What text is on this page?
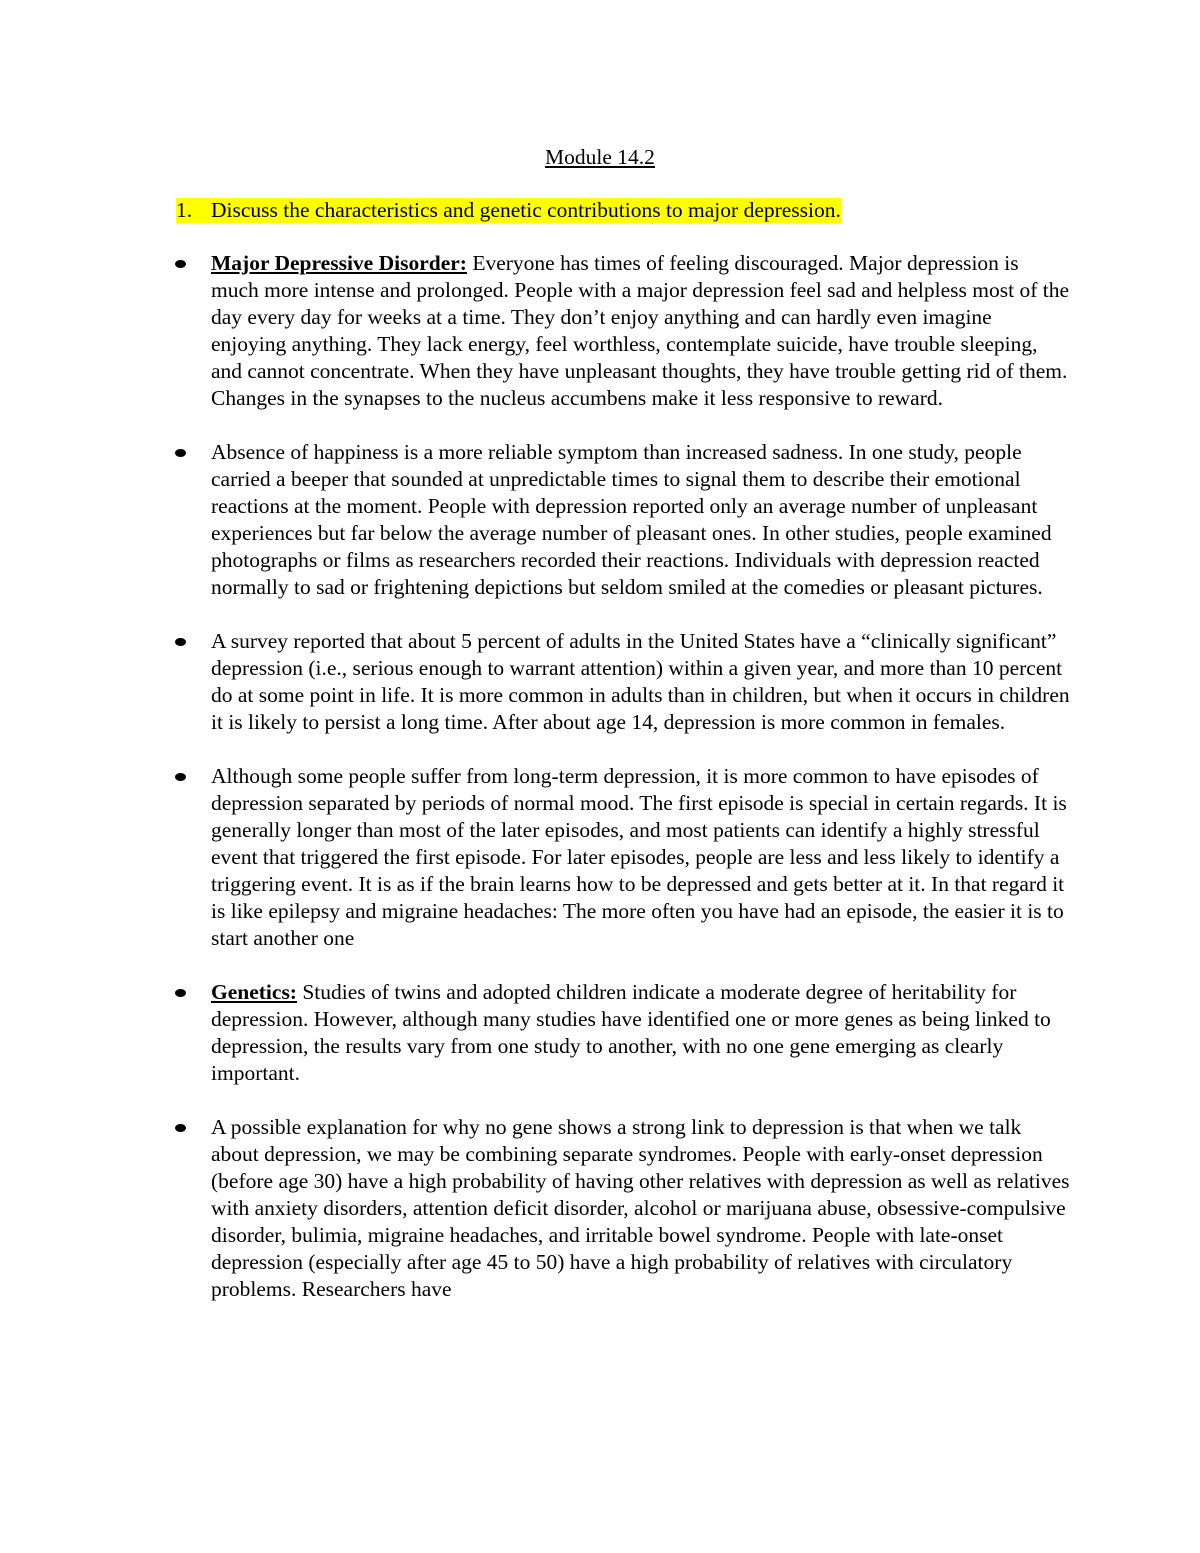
Module 14.2
1. Discuss the characteristics and genetic contributions to major depression.
Major Depressive Disorder: Everyone has times of feeling discouraged. Major depression is much more intense and prolonged. People with a major depression feel sad and helpless most of the day every day for weeks at a time. They don’t enjoy anything and can hardly even imagine enjoying anything. They lack energy, feel worthless, contemplate suicide, have trouble sleeping, and cannot concentrate. When they have unpleasant thoughts, they have trouble getting rid of them. Changes in the synapses to the nucleus accumbens make it less responsive to reward.
Absence of happiness is a more reliable symptom than increased sadness. In one study, people carried a beeper that sounded at unpredictable times to signal them to describe their emotional reactions at the moment. People with depression reported only an average number of unpleasant experiences but far below the average number of pleasant ones. In other studies, people examined photographs or films as researchers recorded their reactions. Individuals with depression reacted normally to sad or frightening depictions but seldom smiled at the comedies or pleasant pictures.
A survey reported that about 5 percent of adults in the United States have a “clinically significant” depression (i.e., serious enough to warrant attention) within a given year, and more than 10 percent do at some point in life. It is more common in adults than in children, but when it occurs in children it is likely to persist a long time. After about age 14, depression is more common in females.
Although some people suffer from long-term depression, it is more common to have episodes of depression separated by periods of normal mood. The first episode is special in certain regards. It is generally longer than most of the later episodes, and most patients can identify a highly stressful event that triggered the first episode. For later episodes, people are less and less likely to identify a triggering event. It is as if the brain learns how to be depressed and gets better at it. In that regard it is like epilepsy and migraine headaches: The more often you have had an episode, the easier it is to start another one
Genetics: Studies of twins and adopted children indicate a moderate degree of heritability for depression. However, although many studies have identified one or more genes as being linked to depression, the results vary from one study to another, with no one gene emerging as clearly important.
A possible explanation for why no gene shows a strong link to depression is that when we talk about depression, we may be combining separate syndromes. People with early-onset depression (before age 30) have a high probability of having other relatives with depression as well as relatives with anxiety disorders, attention deficit disorder, alcohol or marijuana abuse, obsessive-compulsive disorder, bulimia, migraine headaches, and irritable bowel syndrome. People with late-onset depression (especially after age 45 to 50) have a high probability of relatives with circulatory problems. Researchers have
